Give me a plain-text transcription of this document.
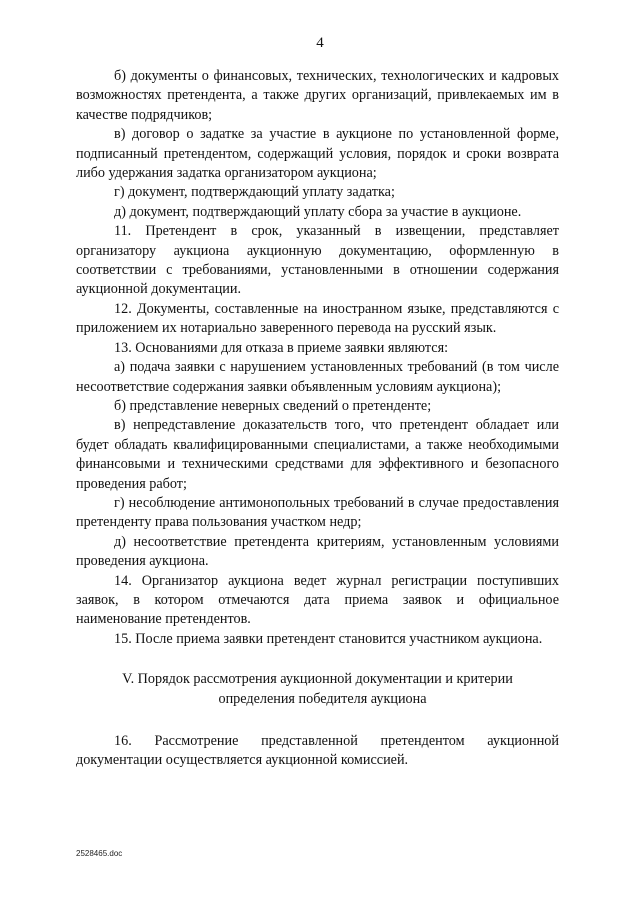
4

б) документы о финансовых, технических, технологических и кадровых возможностях претендента, а также других организаций, привлекаемых им в качестве подрядчиков;

в) договор о задатке за участие в аукционе по установленной форме, подписанный претендентом, содержащий условия, порядок и сроки возврата либо удержания задатка организатором аукциона;

г) документ, подтверждающий уплату задатка;

д) документ, подтверждающий уплату сбора за участие в аукционе.

11. Претендент в срок, указанный в извещении, представляет организатору аукциона аукционную документацию, оформленную в соответствии с требованиями, установленными в отношении содержания аукционной документации.

12. Документы, составленные на иностранном языке, представляются с приложением их нотариально заверенного перевода на русский язык.

13. Основаниями для отказа в приеме заявки являются:

а) подача заявки с нарушением установленных требований (в том числе несоответствие содержания заявки объявленным условиям аукциона);

б) представление неверных сведений о претенденте;

в) непредставление доказательств того, что претендент обладает или будет обладать квалифицированными специалистами, а также необходимыми финансовыми и техническими средствами для эффективного и безопасного проведения работ;

г) несоблюдение антимонопольных требований в случае предоставления претенденту права пользования участком недр;

д) несоответствие претендента критериям, установленным условиями проведения аукциона.

14. Организатор аукциона ведет журнал регистрации поступивших заявок, в котором отмечаются дата приема заявок и официальное наименование претендентов.

15. После приема заявки претендент становится участником аукциона.

V. Порядок рассмотрения аукционной документации и критерии
определения победителя аукциона

16. Рассмотрение представленной претендентом аукционной документации осуществляется аукционной комиссией.

2528465.doc
